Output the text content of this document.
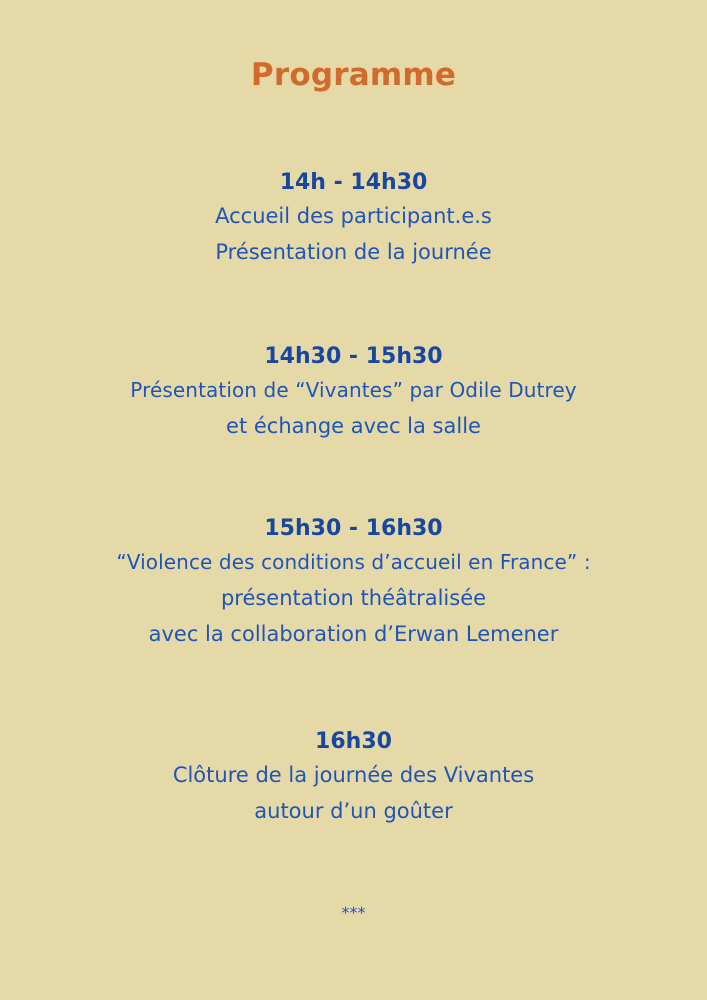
Programme
14h - 14h30
Accueil des participant.e.s
Présentation de la journée
14h30 - 15h30
Présentation de “Vivantes” par Odile Dutrey
et échange avec la salle
15h30 - 16h30
“Violence des conditions d’accueil en France” :
présentation théâtralisée
avec la collaboration d’Erwan Lemener
16h30
Clôture de la journée des Vivantes
autour d’un goûter
***
